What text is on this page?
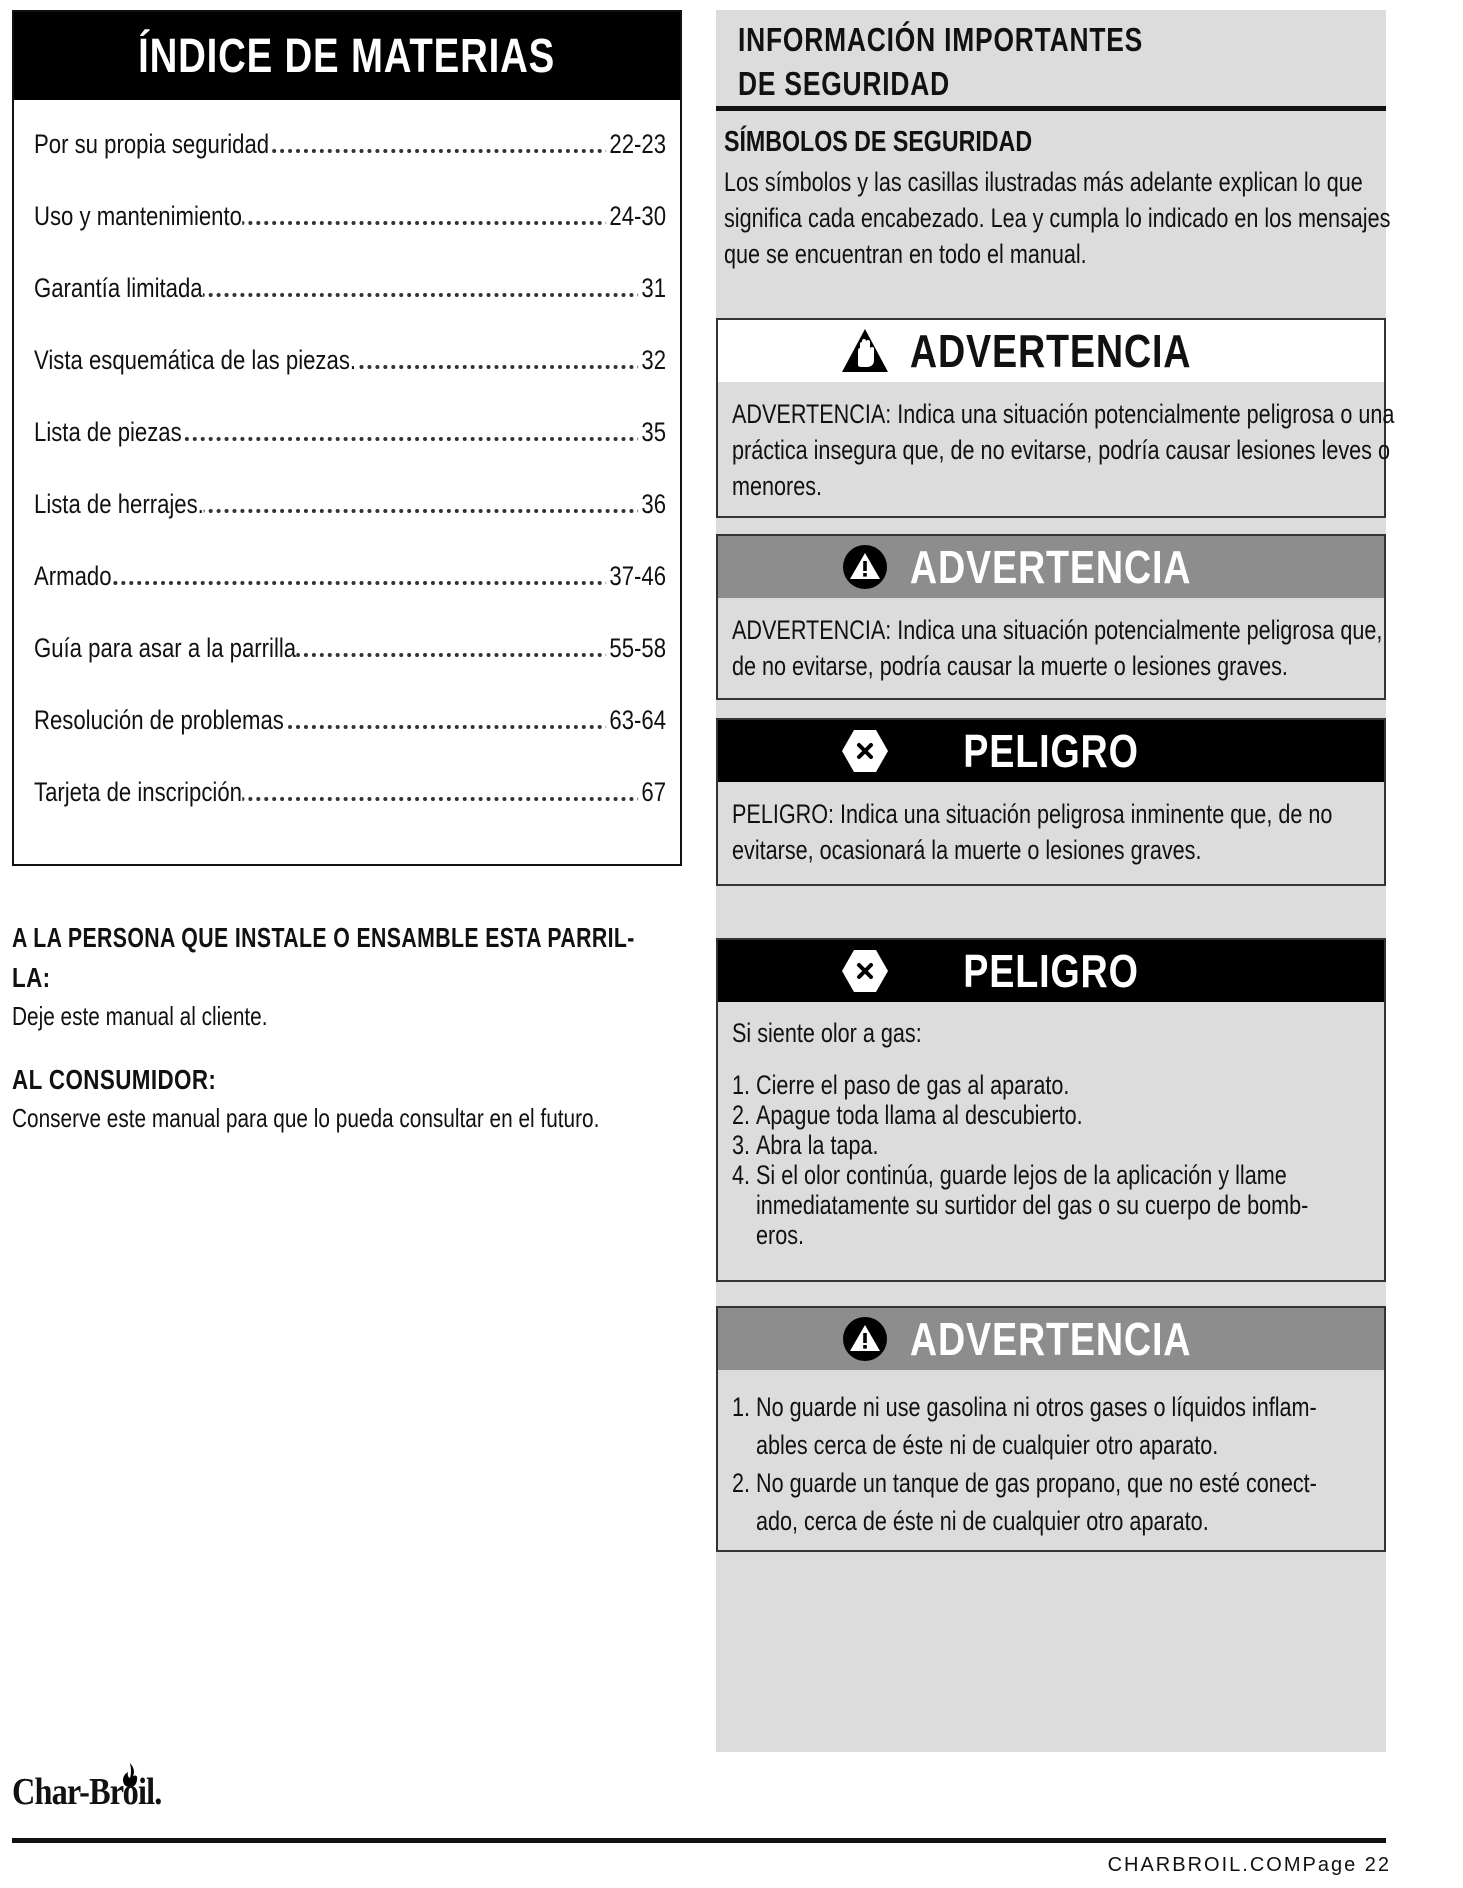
ÍNDICE DE MATERIAS
Por su propia seguridad	22-23
Uso y mantenimiento	24-30
Garantía limitada	31
Vista esquemática de las piezas.	32
Lista de piezas	35
Lista de herrajes.	36
Armado	37-46
Guía para asar a la parrilla	55-58
Resolución de problemas	63-64
Tarjeta de inscripción	67
A LA PERSONA QUE INSTALE O ENSAMBLE ESTA PARRIL-
LA:
Deje este manual al cliente.
AL CONSUMIDOR:
Conserve este manual para que lo pueda consultar en el futuro.
INFORMACIÓN IMPORTANTES
DE SEGURIDAD
SÍMBOLOS DE SEGURIDAD
Los símbolos y las casillas ilustradas más adelante explican lo que
significa cada encabezado. Lea y cumpla lo indicado en los mensajes
que se encuentran en todo el manual.
ADVERTENCIA
ADVERTENCIA: Indica una situación potencialmente peligrosa o una
práctica insegura que, de no evitarse, podría causar lesiones leves o
menores.
ADVERTENCIA
ADVERTENCIA: Indica una situación potencialmente peligrosa que,
de no evitarse, podría causar la muerte o lesiones graves.
PELIGRO
PELIGRO: Indica una situación peligrosa inminente que, de no
evitarse, ocasionará la muerte o lesiones graves.
PELIGRO
Si siente olor a gas:
1. Cierre el paso de gas al aparato.
2. Apague toda llama al descubierto.
3. Abra la tapa.
4. Si el olor continúa, guarde lejos de la aplicación y llame
inmediatamente su surtidor del gas o su cuerpo de bomb-
eros.
ADVERTENCIA
1. No guarde ni use gasolina ni otros gases o líquidos inflam-
ables cerca de éste ni de cualquier otro aparato.
2. No guarde un tanque de gas propano, que no esté conect-
ado, cerca de éste ni de cualquier otro aparato.
Char-Broil.
CHARBROIL.COMPage 22
